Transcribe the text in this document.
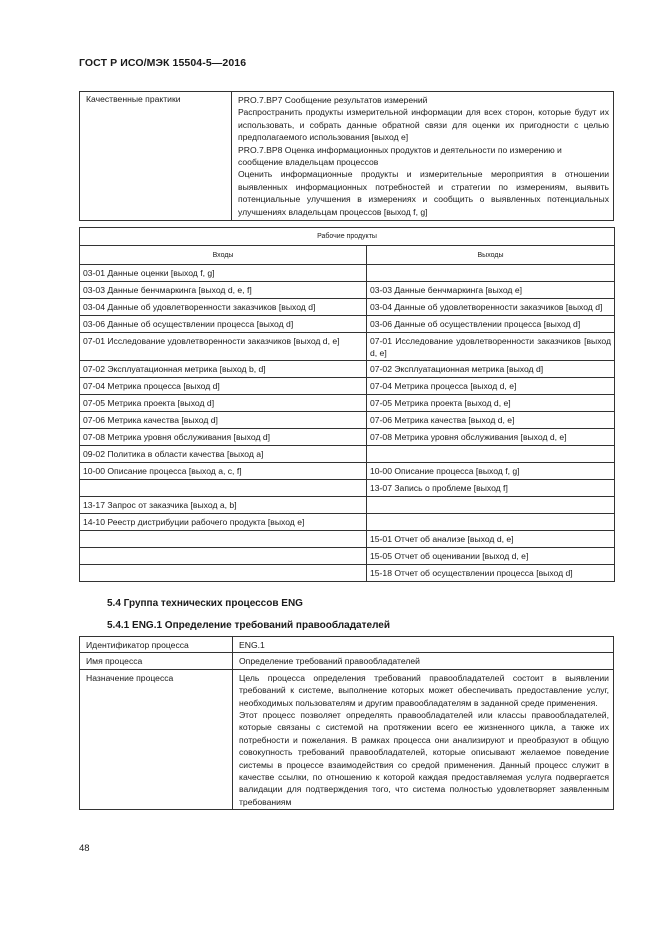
ГОСТ Р ИСО/МЭК 15504-5—2016
Качественные практики	PRO.7.BP7 Сообщение результатов измерений
Распространить продукты измерительной информации для всех сторон, которые будут их использовать, и собрать данные обратной связи для оценки их пригодности с целью предполагаемого использования [выход e]
PRO.7.BP8 Оценка информационных продуктов и деятельности по измерению и сообщение владельцам процессов
Оценить информационные продукты и измерительные мероприятия в отношении выявленных информационных потребностей и стратегии по измерениям, выявить потенциальные улучшения в измерениях и сообщить о выявленных потенциальных улучшениях владельцам процессов [выход f, g]
Рабочие продукты	
Входы	Выходы
03-01 Данные оценки [выход f, g]	
03-03 Данные бенчмаркинга [выход d, e, f]	03-03 Данные бенчмаркинга [выход e]
03-04 Данные об удовлетворенности заказчиков [выход d]	03-04 Данные об удовлетворенности заказчиков [выход d]
03-06 Данные об осуществлении процесса [выход d]	03-06 Данные об осуществлении процесса [выход d]
07-01 Исследование удовлетворенности заказчиков [выход d, e]	07-01 Исследование удовлетворенности заказчиков [выход d, e]
07-02 Эксплуатационная метрика [выход b, d]	07-02 Эксплуатационная метрика [выход d]
07-04 Метрика процесса [выход d]	07-04 Метрика процесса [выход d, e]
07-05 Метрика проекта [выход d]	07-05 Метрика проекта [выход d, e]
07-06 Метрика качества [выход d]	07-06 Метрика качества [выход d, e]
07-08 Метрика уровня обслуживания [выход d]	07-08 Метрика уровня обслуживания [выход d, e]
09-02 Политика в области качества [выход a]	
10-00 Описание процесса [выход a, c, f]	10-00 Описание процесса [выход f, g]
	13-07 Запись о проблеме [выход f]
13-17 Запрос от заказчика [выход a, b]	
14-10 Реестр дистрибуции рабочего продукта [выход e]	
	15-01 Отчет об анализе [выход d, e]
	15-05 Отчет об оценивании [выход d, e]
	15-18 Отчет об осуществлении процесса [выход d]
5.4 Группа технических процессов ENG
5.4.1 ENG.1 Определение требований правообладателей
Идентификатор процесса	ENG.1
Имя процесса	Определение требований правообладателей
Назначение процесса	Цель процесса определения требований правообладателей состоит в выявлении требований к системе, выполнение которых может обеспечивать предоставление услуг, необходимых пользователям и другим правообладателям в заданной среде применения.
Этот процесс позволяет определять правообладателей или классы правообладателей, которые связаны с системой на протяжении всего ее жизненного цикла, а также их потребности и пожелания. В рамках процесса они анализируют и преобразуют в общую совокупность требований правообладателей, которые описывают желаемое поведение системы в процессе взаимодействия со средой применения. Данный процесс служит в качестве ссылки, по отношению к которой каждая предоставляемая услуга подвергается валидации для подтверждения того, что система полностью удовлетворяет заявленным требованиям
48
